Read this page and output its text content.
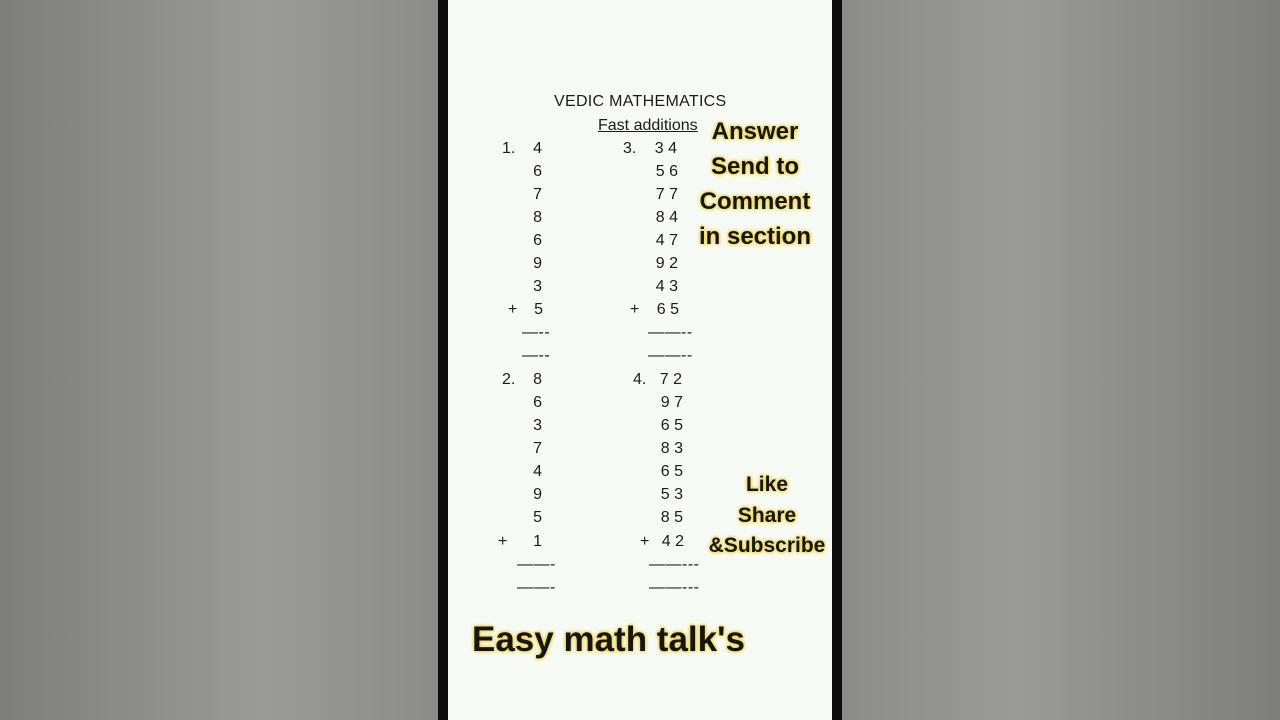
VEDIC MATHEMATICS
Fast additions
1.	4
6
7
8
6
9
3
+	5
—--
—--
2.	8
6
3
7
4
9
5
+	1
——-
——-
3.	3 4
5 6
7 7
8 4
4 7
9 2
4 3
+	6 5
——--
——--
4. 7 2
9 7
6 5
8 3
6 5
5 3
8 5
+ 4 2
——---
——---
Answer
Send to
Comment
in section
Like
Share
&Subscribe
Easy math talk's
